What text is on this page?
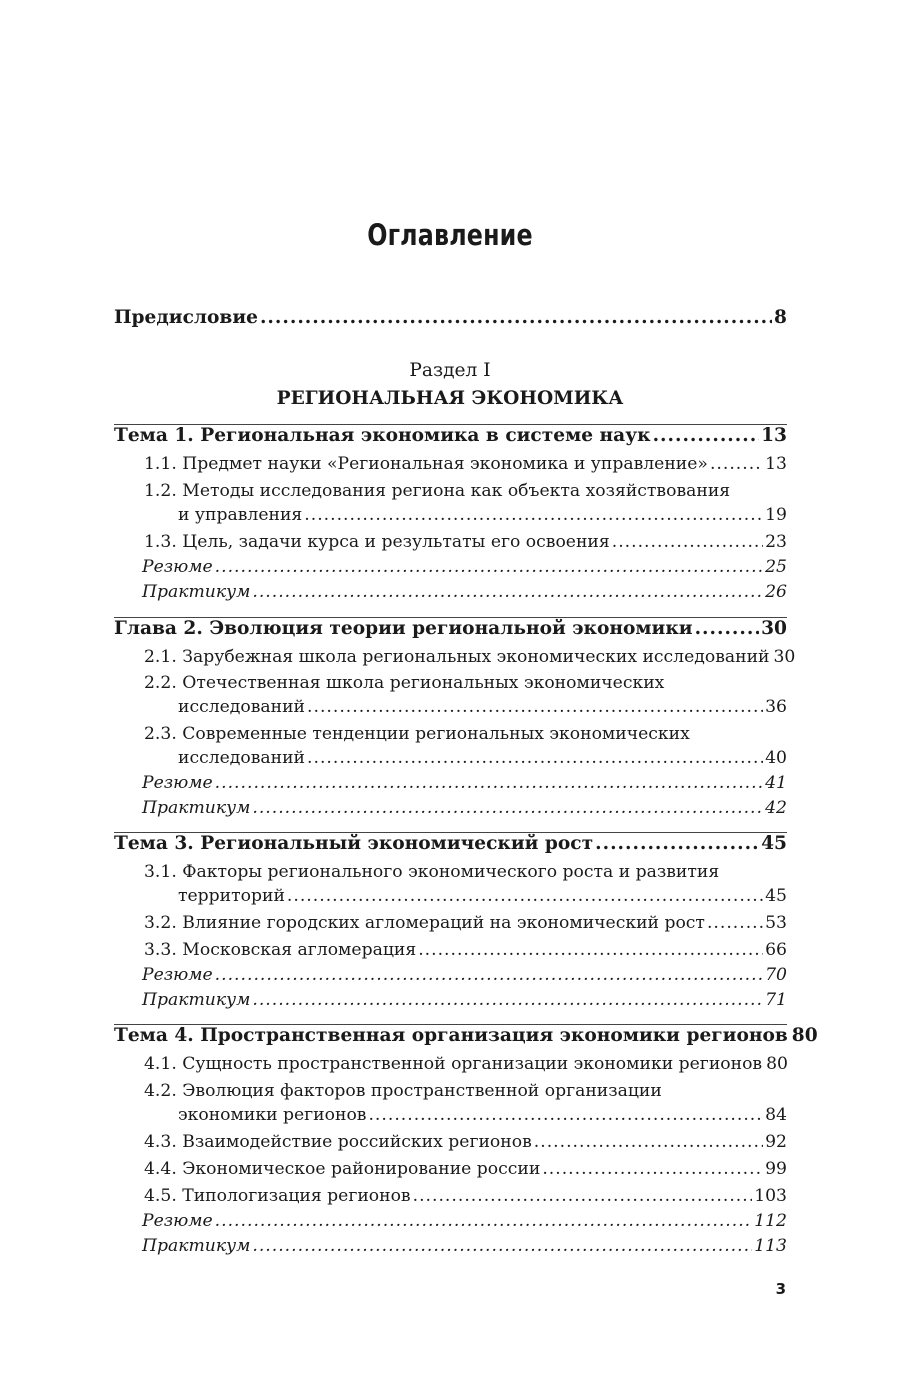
Оглавление
Предисловие .....	8
Тема 1. Региональная экономика в системе наук .....	13
1.1. Предмет науки «Региональная экономика и управление» .....	13
1.2. Методы исследования региона как объекта хозяйствования
и управления .....	19
1.3. Цель, задачи курса и результаты его освоения .....	23
Резюме .....	25
Практикум .....	26
Глава 2. Эволюция теории региональной экономики .....	30
2.1. Зарубежная школа региональных экономических исследований 30
2.2. Отечественная школа региональных экономических
исследований .....	36
2.3. Современные тенденции региональных экономических
исследований .....	40
Резюме .....	41
Практикум .....	42
Тема 3. Региональный экономический рост .....	45
3.1. Факторы регионального экономического роста и развития
территорий .....	45
3.2. Влияние городских агломераций на экономический рост .....	53
3.3. Московская агломерация .....	66
Резюме .....	70
Практикум .....	71
Тема 4. Пространственная организация экономики регионов 80
4.1. Сущность пространственной организации экономики регионов 80
4.2. Эволюция факторов пространственной организации
экономики регионов .....	84
4.3. Взаимодействие российских регионов .....	92
4.4. Экономическое районирование россии .....	99
4.5. Типологизация регионов .....	103
Резюме .....	112
Практикум .....	113
Раздел I
РЕГИОНАЛЬНАЯ ЭКОНОМИКА
3
